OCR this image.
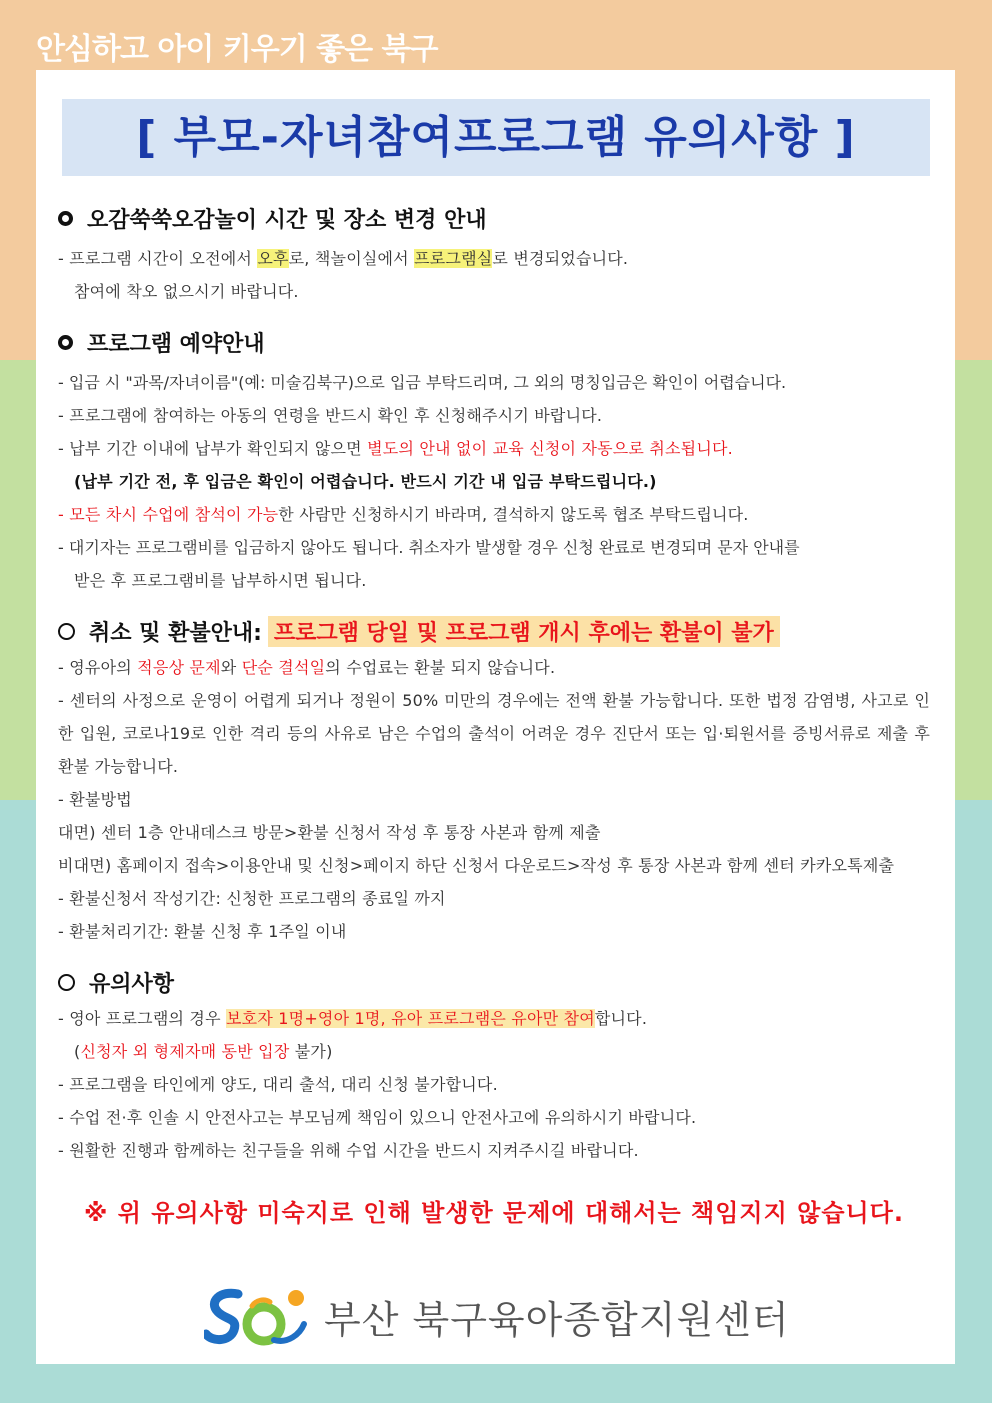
안심하고 아이 키우기 좋은 북구
[ 부모-자녀참여프로그램 유의사항 ]

오감쑥쑥오감놀이 시간 및 장소 변경 안내

- 프로그램 시간이 오전에서 오후로, 책놀이실에서 프로그램실로 변경되었습니다.

참여에 착오 없으시기 바랍니다.

프로그램 예약안내

- 입금 시 "과목/자녀이름"(예: 미술김북구)으로 입금 부탁드리며, 그 외의 명칭입금은 확인이 어렵습니다.

- 프로그램에 참여하는 아동의 연령을 반드시 확인 후 신청해주시기 바랍니다.

- 납부 기간 이내에 납부가 확인되지 않으면 별도의 안내 없이 교육 신청이 자동으로 취소됩니다.

(납부 기간 전, 후 입금은 확인이 어렵습니다. 반드시 기간 내 입금 부탁드립니다.)

- 모든 차시 수업에 참석이 가능한 사람만 신청하시기 바라며, 결석하지 않도록 협조 부탁드립니다.

- 대기자는 프로그램비를 입금하지 않아도 됩니다. 취소자가 발생할 경우 신청 완료로 변경되며 문자 안내를

받은 후 프로그램비를 납부하시면 됩니다.

취소 및 환불안내: 프로그램 당일 및 프로그램 개시 후에는 환불이 불가

- 영유아의 적응상 문제와 단순 결석일의 수업료는 환불 되지 않습니다.

- 센터의 사정으로 운영이 어렵게 되거나 정원이 50% 미만의 경우에는 전액 환불 가능합니다. 또한 법정 감염병, 사고로 인한 입원, 코로나19로 인한 격리 등의 사유로 남은 수업의 출석이 어려운 경우 진단서 또는 입·퇴원서를 증빙서류로 제출 후 환불 가능합니다.

- 환불방법

대면) 센터 1층 안내데스크 방문>환불 신청서 작성 후 통장 사본과 함께 제출

비대면) 홈페이지 접속>이용안내 및 신청>페이지 하단 신청서 다운로드>작성 후 통장 사본과 함께 센터 카카오톡제출

- 환불신청서 작성기간: 신청한 프로그램의 종료일 까지

- 환불처리기간: 환불 신청 후 1주일 이내

유의사항

- 영아 프로그램의 경우 보호자 1명+영아 1명, 유아 프로그램은 유아만 참여합니다.

(신청자 외 형제자매 동반 입장 불가)

- 프로그램을 타인에게 양도, 대리 출석, 대리 신청 불가합니다.

- 수업 전·후 인솔 시 안전사고는 부모님께 책임이 있으니 안전사고에 유의하시기 바랍니다.

- 원활한 진행과 함께하는 친구들을 위해 수업 시간을 반드시 지켜주시길 바랍니다.

※ 위 유의사항 미숙지로 인해 발생한 문제에 대해서는 책임지지 않습니다.

부산 북구육아종합지원센터
